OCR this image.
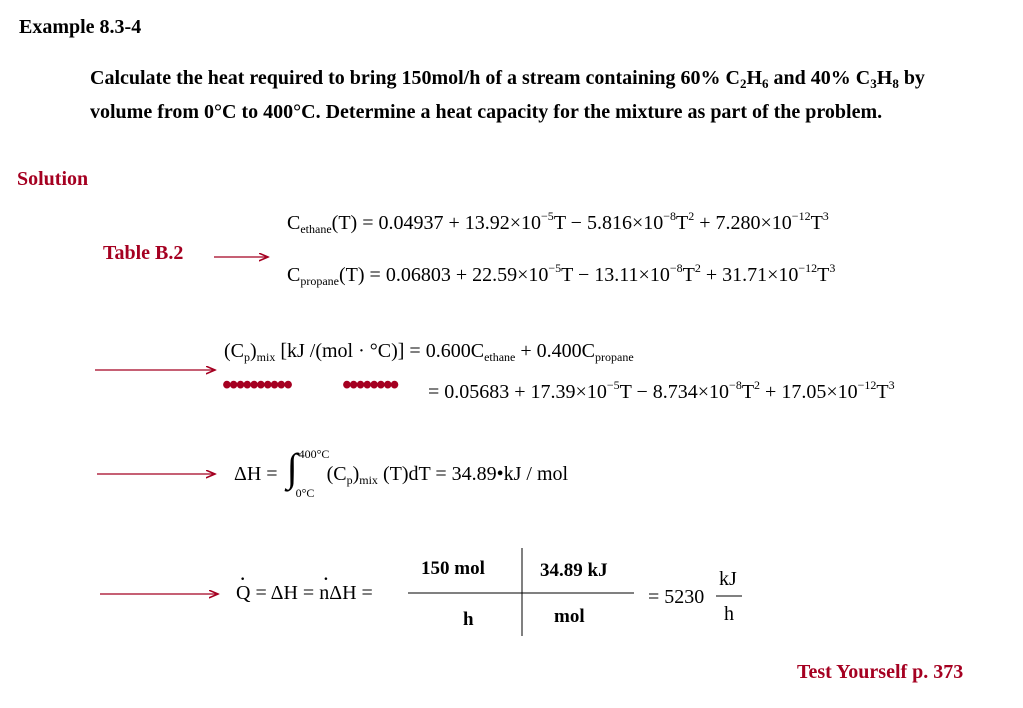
Example 8.3-4
Calculate the heat required to bring 150mol/h of a stream containing 60% $C_2H_6$ and 40% $C_3H_8$ by volume from 0°C to 400°C. Determine a heat capacity for the mixture as part of the problem.
Solution
Table B.2
$C_{ethane}(T) = 0.04937 + 13.92\times 10^{-5}T - 5.816\times 10^{-8}T^2 + 7.280\times 10^{-12}T^3$
$C_{propane}(T) = 0.06803 + 22.59\times 10^{-5}T - 13.11\times 10^{-8}T^2 + 31.71\times 10^{-12}T^3$
$(C_p)_{mix}$ [kJ $/(mol \cdot ^\circ C)] = 0.600C_{ethane} + 0.400C_{propane}$
•••••••••• •••••••• = $0.05683 + 17.39\times 10^{-5}T - 8.734\times 10^{-8}T^2 + 17.05\times 10^{-12}T^3$
ΔH = ∫ 400°C
0°C
$(C_p)_{mix}$ (T)dT = 34.89•kJ / mol
· Q = ΔH = · nΔH =
150 mol
h
34.89 kJ
mol
= 5230
kJ
h
Test Yourself p. 373
